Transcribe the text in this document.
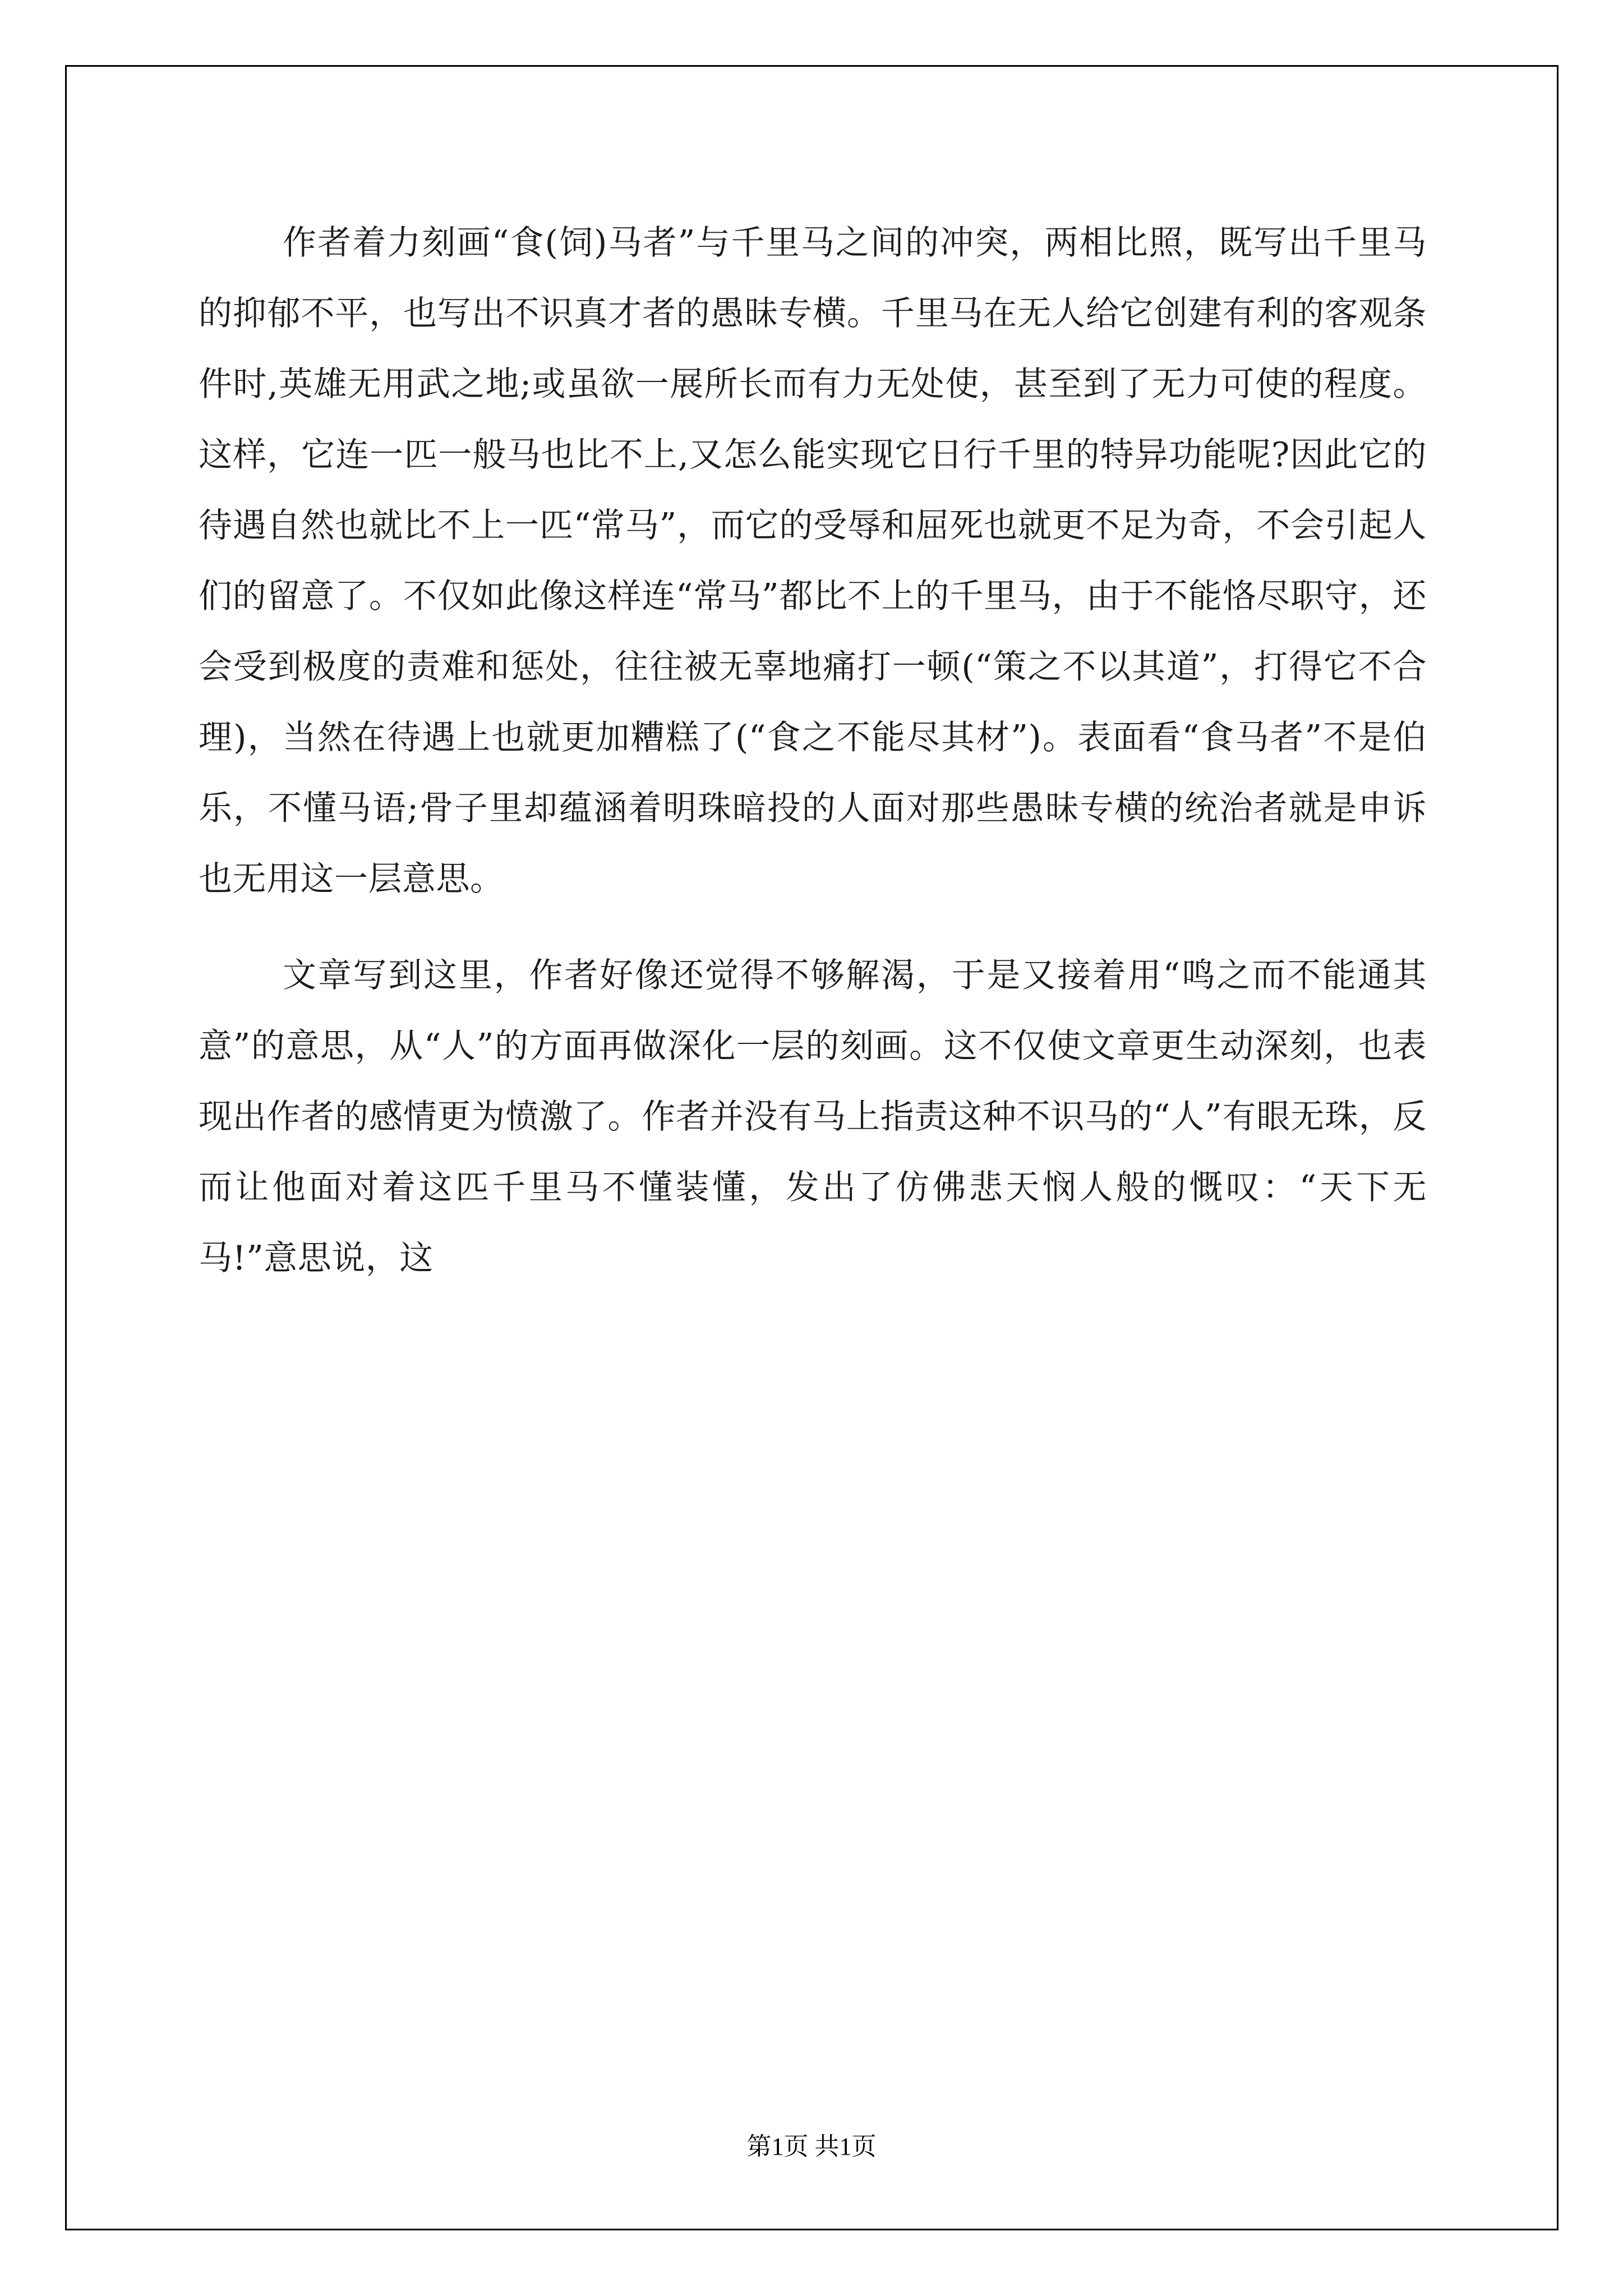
作者着力刻画“食(饲)马者”与千里马之间的冲突，两相比照，既写出千里马的抑郁不平，也写出不识真才者的愚昧专横。千里马在无人给它创建有利的客观条件时,英雄无用武之地;或虽欲一展所长而有力无处使，甚至到了无力可使的程度。这样，它连一匹一般马也比不上,又怎么能实现它日行千里的特异功能呢?因此它的待遇自然也就比不上一匹“常马”，而它的受辱和屈死也就更不足为奇，不会引起人们的留意了。不仅如此像这样连“常马”都比不上的千里马，由于不能恪尽职守，还会受到极度的责难和惩处，往往被无辜地痛打一顿(“策之不以其道”，打得它不合理)，当然在待遇上也就更加糟糕了(“食之不能尽其材”)。表面看“食马者”不是伯乐，不懂马语;骨子里却蕴涵着明珠暗投的人面对那些愚昧专横的统治者就是申诉也无用这一层意思。

文章写到这里，作者好像还觉得不够解渴，于是又接着用“鸣之而不能通其意”的意思，从“人”的方面再做深化一层的刻画。这不仅使文章更生动深刻，也表现出作者的感情更为愤激了。作者并没有马上指责这种不识马的“人”有眼无珠，反而让他面对着这匹千里马不懂装懂，发出了仿佛悲天悯人般的慨叹：“天下无马!”意思说，这

第1页 共1页
